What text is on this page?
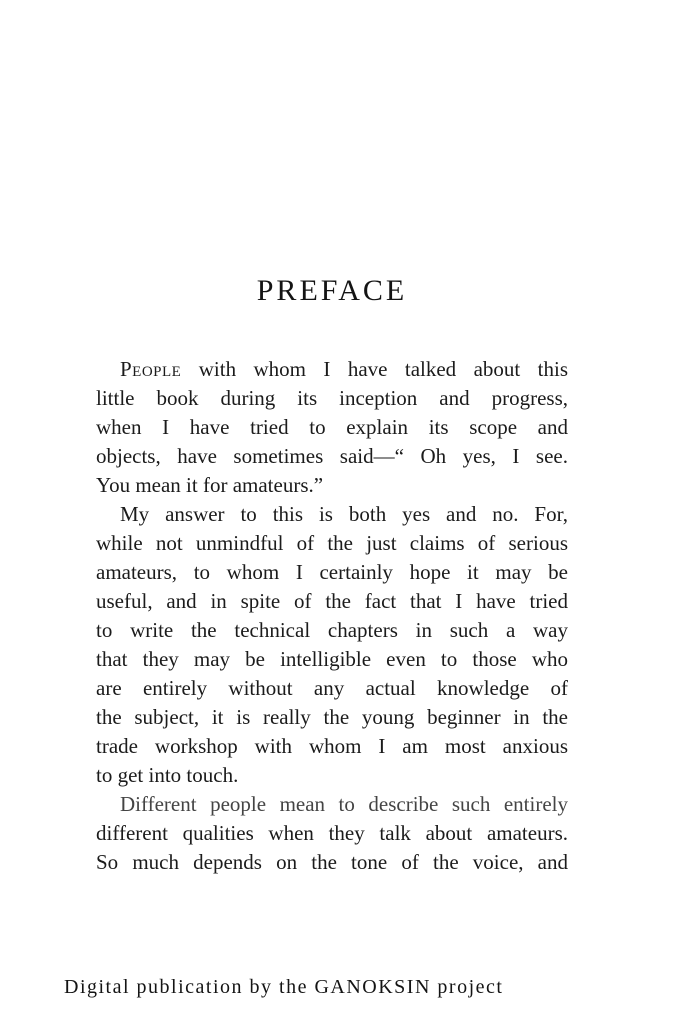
PREFACE
People with whom I have talked about this
little book during its inception and progress,
when I have tried to explain its scope and
objects, have sometimes said—“ Oh yes, I see.
You mean it for amateurs.”
My answer to this is both yes and no. For,
while not unmindful of the just claims of serious
amateurs, to whom I certainly hope it may be
useful, and in spite of the fact that I have tried
to write the technical chapters in such a way
that they may be intelligible even to those who
are entirely without any actual knowledge of
the subject, it is really the young beginner in the
trade workshop with whom I am most anxious
to get into touch.
Different people mean to describe such entirely
different qualities when they talk about amateurs.
So much depends on the tone of the voice, and
Digital publication by the GANOKSIN project
